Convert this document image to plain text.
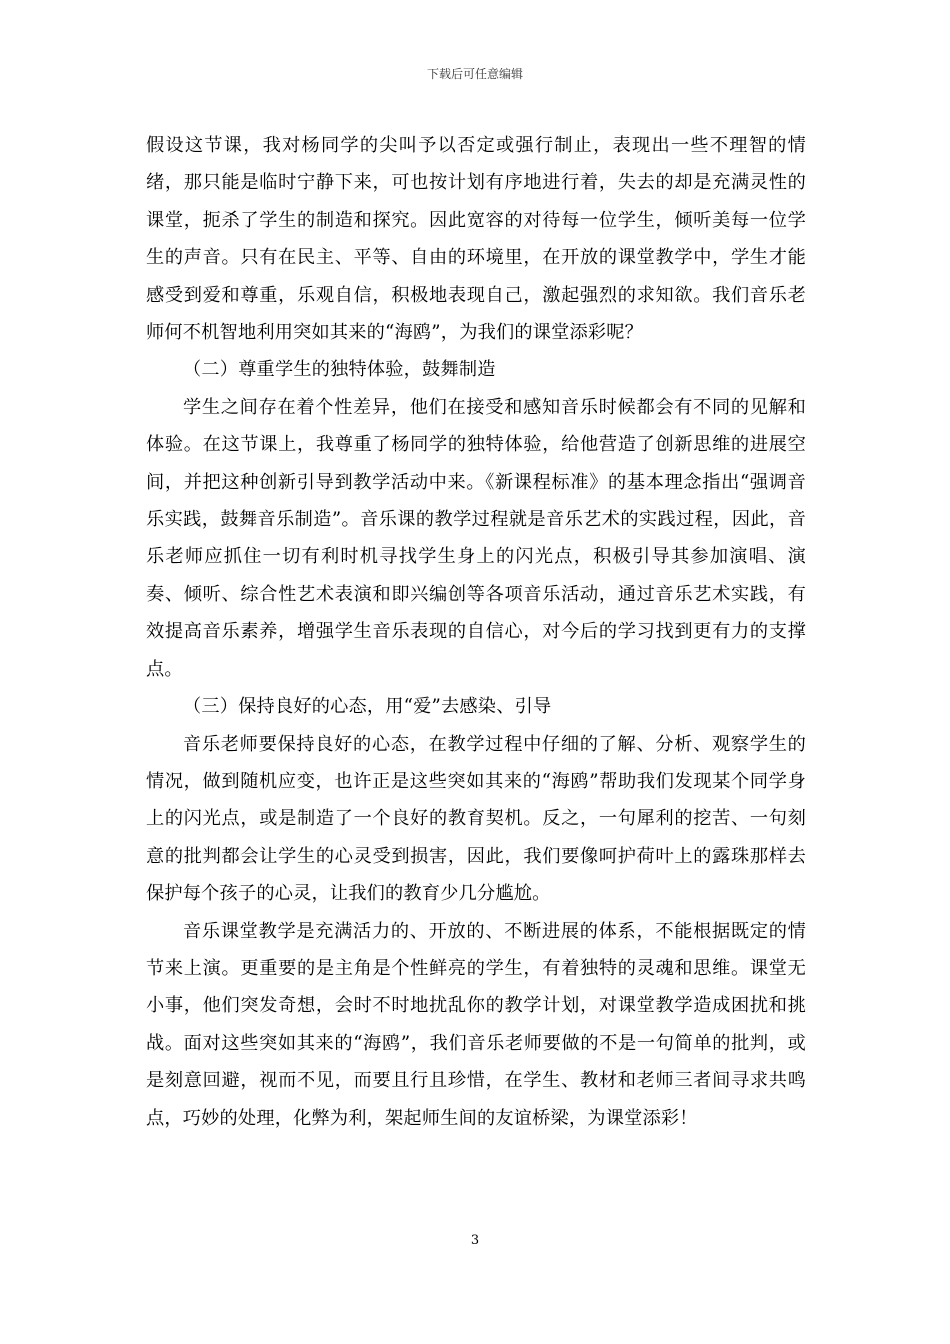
下载后可任意编辑

假设这节课，我对杨同学的尖叫予以否定或强行制止，表现出一些不理智的情绪，那只能是临时宁静下来，可也按计划有序地进行着，失去的却是充满灵性的课堂，扼杀了学生的制造和探究。因此宽容的对待每一位学生，倾听美每一位学生的声音。只有在民主、平等、自由的环境里，在开放的课堂教学中，学生才能感受到爱和尊重，乐观自信，积极地表现自己，激起强烈的求知欲。我们音乐老师何不机智地利用突如其来的“海鸥”，为我们的课堂添彩呢？

（二）尊重学生的独特体验，鼓舞制造

学生之间存在着个性差异，他们在接受和感知音乐时候都会有不同的见解和体验。在这节课上，我尊重了杨同学的独特体验，给他营造了创新思维的进展空间，并把这种创新引导到教学活动中来。《新课程标准》的基本理念指出“强调音乐实践，鼓舞音乐制造”。音乐课的教学过程就是音乐艺术的实践过程，因此，音乐老师应抓住一切有利时机寻找学生身上的闪光点，积极引导其参加演唱、演奏、倾听、综合性艺术表演和即兴编创等各项音乐活动，通过音乐艺术实践，有效提高音乐素养，增强学生音乐表现的自信心，对今后的学习找到更有力的支撑点。

（三）保持良好的心态，用“爱”去感染、引导

音乐老师要保持良好的心态，在教学过程中仔细的了解、分析、观察学生的情况，做到随机应变，也许正是这些突如其来的“海鸥”帮助我们发现某个同学身上的闪光点，或是制造了一个良好的教育契机。反之，一句犀利的挖苦、一句刻意的批判都会让学生的心灵受到损害，因此，我们要像呵护荷叶上的露珠那样去保护每个孩子的心灵，让我们的教育少几分尴尬。

音乐课堂教学是充满活力的、开放的、不断进展的体系，不能根据既定的情节来上演。更重要的是主角是个性鲜亮的学生，有着独特的灵魂和思维。课堂无小事，他们突发奇想，会时不时地扰乱你的教学计划，对课堂教学造成困扰和挑战。面对这些突如其来的“海鸥”，我们音乐老师要做的不是一句简单的批判，或是刻意回避，视而不见，而要且行且珍惜，在学生、教材和老师三者间寻求共鸣点，巧妙的处理，化弊为利，架起师生间的友谊桥梁，为课堂添彩！

3
